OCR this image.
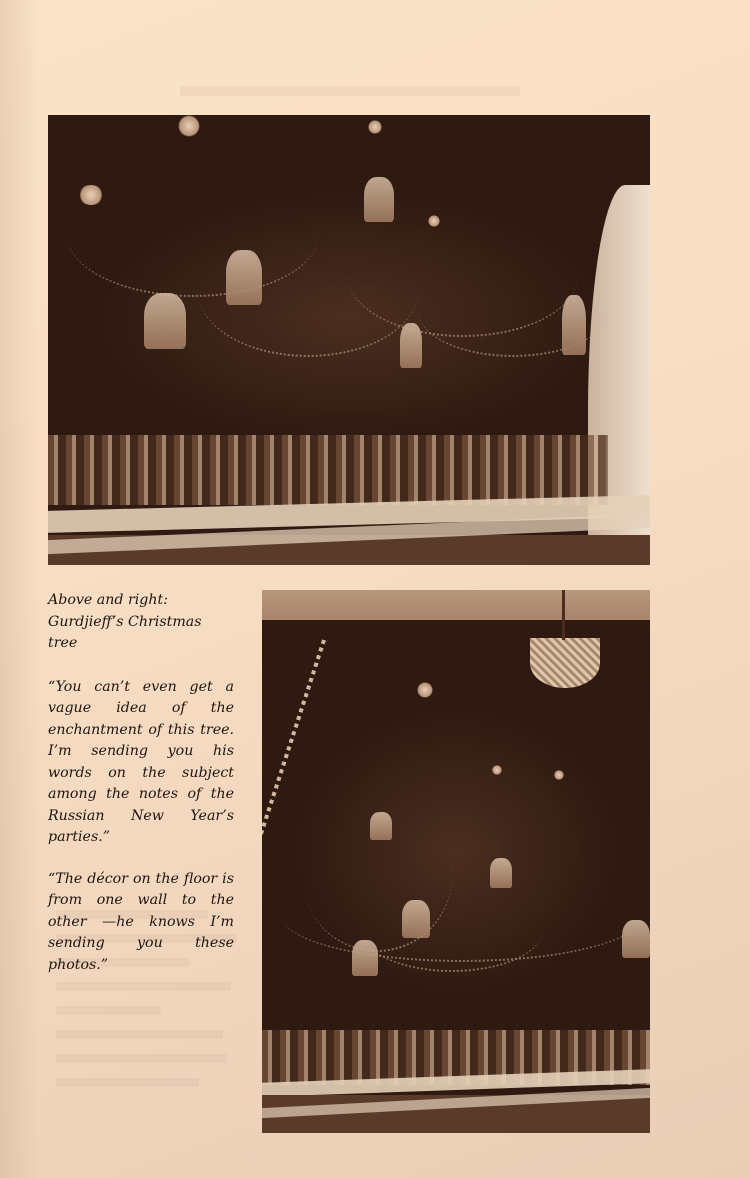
Above and right:
Gurdjieff’s Christmas tree

“You can’t even get a vague idea of the enchantment of this tree. I’m sending you his words on the subject among the notes of the Russian New Year’s parties.”

“The décor on the floor is from one wall to the other —he knows I’m sending you these photos.”
